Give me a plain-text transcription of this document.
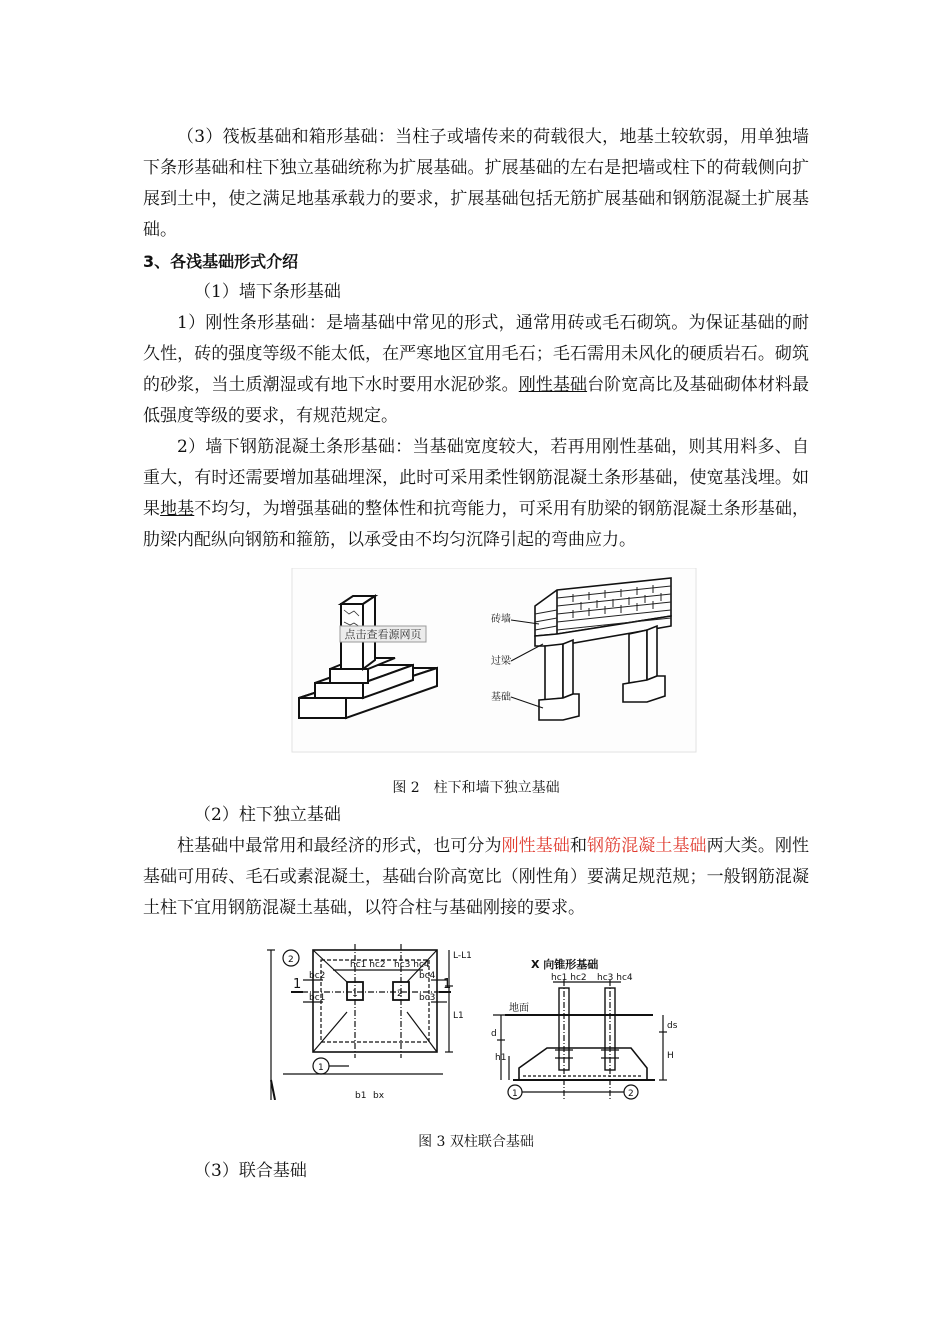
（3）筏板基础和箱形基础：当柱子或墙传来的荷载很大，地基土较软弱，用单独墙下条形基础和柱下独立基础统称为扩展基础。扩展基础的左右是把墙或柱下的荷载侧向扩展到土中，使之满足地基承载力的要求，扩展基础包括无筋扩展基础和钢筋混凝土扩展基础。

3、各浅基础形式介绍

（1）墙下条形基础

1）刚性条形基础：是墙基础中常见的形式，通常用砖或毛石砌筑。为保证基础的耐久性，砖的强度等级不能太低，在严寒地区宜用毛石；毛石需用未风化的硬质岩石。砌筑的砂浆，当土质潮湿或有地下水时要用水泥砂浆。刚性基础台阶宽高比及基础砌体材料最低强度等级的要求，有规范规定。

2）墙下钢筋混凝土条形基础：当基础宽度较大，若再用刚性基础，则其用料多、自重大，有时还需要增加基础埋深，此时可采用柔性钢筋混凝土条形基础，使宽基浅埋。如果地基不均匀，为增强基础的整体性和抗弯能力，可采用有肋梁的钢筋混凝土条形基础，肋梁内配纵向钢筋和箍筋，以承受由不均匀沉降引起的弯曲应力。

点击查看源网页
砖墙
过梁
基础

图 2　柱下和墙下独立基础

（2）柱下独立基础

柱基础中最常用和最经济的形式，也可分为刚性基础和钢筋混凝土基础两大类。刚性基础可用砖、毛石或素混凝土，基础台阶高宽比（刚性角）要满足规范规；一般钢筋混凝土柱下宜用钢筋混凝土基础，以符合柱与基础刚接的要求。

hc1 hc2 hc3 hc4
bc2
bc1
bc4
bc3
L-L1
L1
b1 bx
2
1
1	2
1	1
X 向锥形基础
hc1 hc2 hc3 hc4
地面
ds
H
h1
d
1	2

图 3 双柱联合基础

（3）联合基础
